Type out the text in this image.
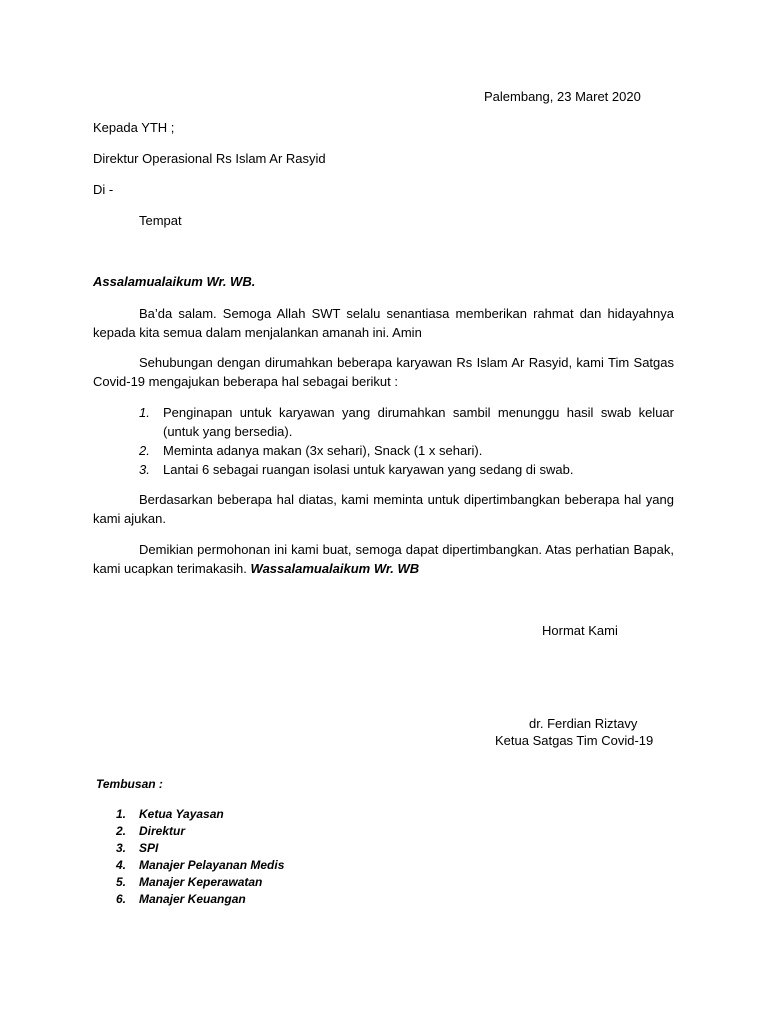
Palembang, 23 Maret 2020
Kepada YTH ;
Direktur Operasional Rs Islam Ar Rasyid
Di -
Tempat
Assalamualaikum Wr. WB.
Ba’da salam. Semoga Allah SWT selalu senantiasa memberikan rahmat dan hidayahnya kepada kita semua dalam menjalankan amanah ini. Amin
Sehubungan dengan dirumahkan beberapa karyawan Rs Islam Ar Rasyid, kami Tim Satgas Covid-19 mengajukan beberapa hal sebagai berikut :
1. Penginapan untuk karyawan yang dirumahkan sambil menunggu hasil swab keluar (untuk yang bersedia).
2. Meminta adanya makan (3x sehari), Snack (1 x sehari).
3. Lantai 6 sebagai ruangan isolasi untuk karyawan yang sedang di swab.
Berdasarkan beberapa hal diatas, kami meminta untuk dipertimbangkan beberapa hal yang kami ajukan.
Demikian permohonan ini kami buat, semoga dapat dipertimbangkan. Atas perhatian Bapak, kami ucapkan terimakasih. Wassalamualaikum Wr. WB
Hormat Kami
dr. Ferdian Riztavy
Ketua Satgas Tim Covid-19
Tembusan :
1. Ketua Yayasan
2. Direktur
3. SPI
4. Manajer Pelayanan Medis
5. Manajer Keperawatan
6. Manajer Keuangan
